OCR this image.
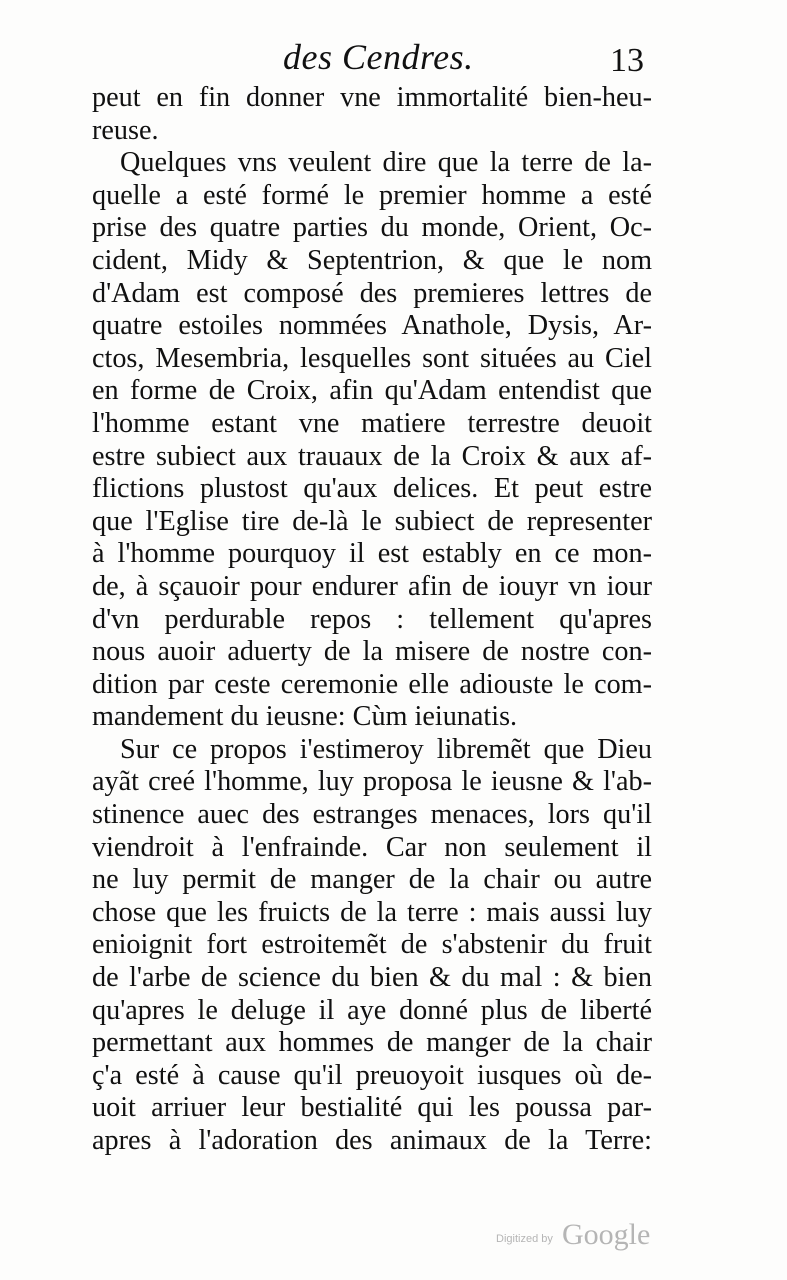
des Cendres.	13
peut en fin donner vne immortalité bien-heu-
reuse.
Quelques vns veulent dire que la terre de la-
quelle a esté formé le premier homme a esté
prise des quatre parties du monde, Orient, Oc-
cident, Midy & Septentrion, & que le nom
d'Adam est composé des premieres lettres de
quatre estoiles nommées Anathole, Dysis, Ar-
ctos, Mesembria, lesquelles sont situées au Ciel
en forme de Croix, afin qu'Adam entendist que
l'homme estant vne matiere terrestre deuoit
estre subiect aux trauaux de la Croix & aux af-
flictions plustost qu'aux delices. Et peut estre
que l'Eglise tire de-là le subiect de representer
à l'homme pourquoy il est estably en ce mon-
de, à sçauoir pour endurer afin de iouyr vn iour
d'vn perdurable repos : tellement qu'apres
nous auoir aduerty de la misere de nostre con-
dition par ceste ceremonie elle adiouste le com-
mandement du ieusne: Cùm ieiunatis.
Sur ce propos i'estimeroy libremẽt que Dieu
ayãt creé l'homme, luy proposa le ieusne & l'ab-
stinence auec des estranges menaces, lors qu'il
viendroit à l'enfrainde. Car non seulement il
ne luy permit de manger de la chair ou autre
chose que les fruicts de la terre : mais aussi luy
enioignit fort estroitemẽt de s'abstenir du fruit
de l'arbe de science du bien & du mal : & bien
qu'apres le deluge il aye donné plus de liberté
permettant aux hommes de manger de la chair
ç'a esté à cause qu'il preuoyoit iusques où de-
uoit arriuer leur bestialité qui les poussa par-
apres à l'adoration des animaux de la Terre:
Digitized by Google
